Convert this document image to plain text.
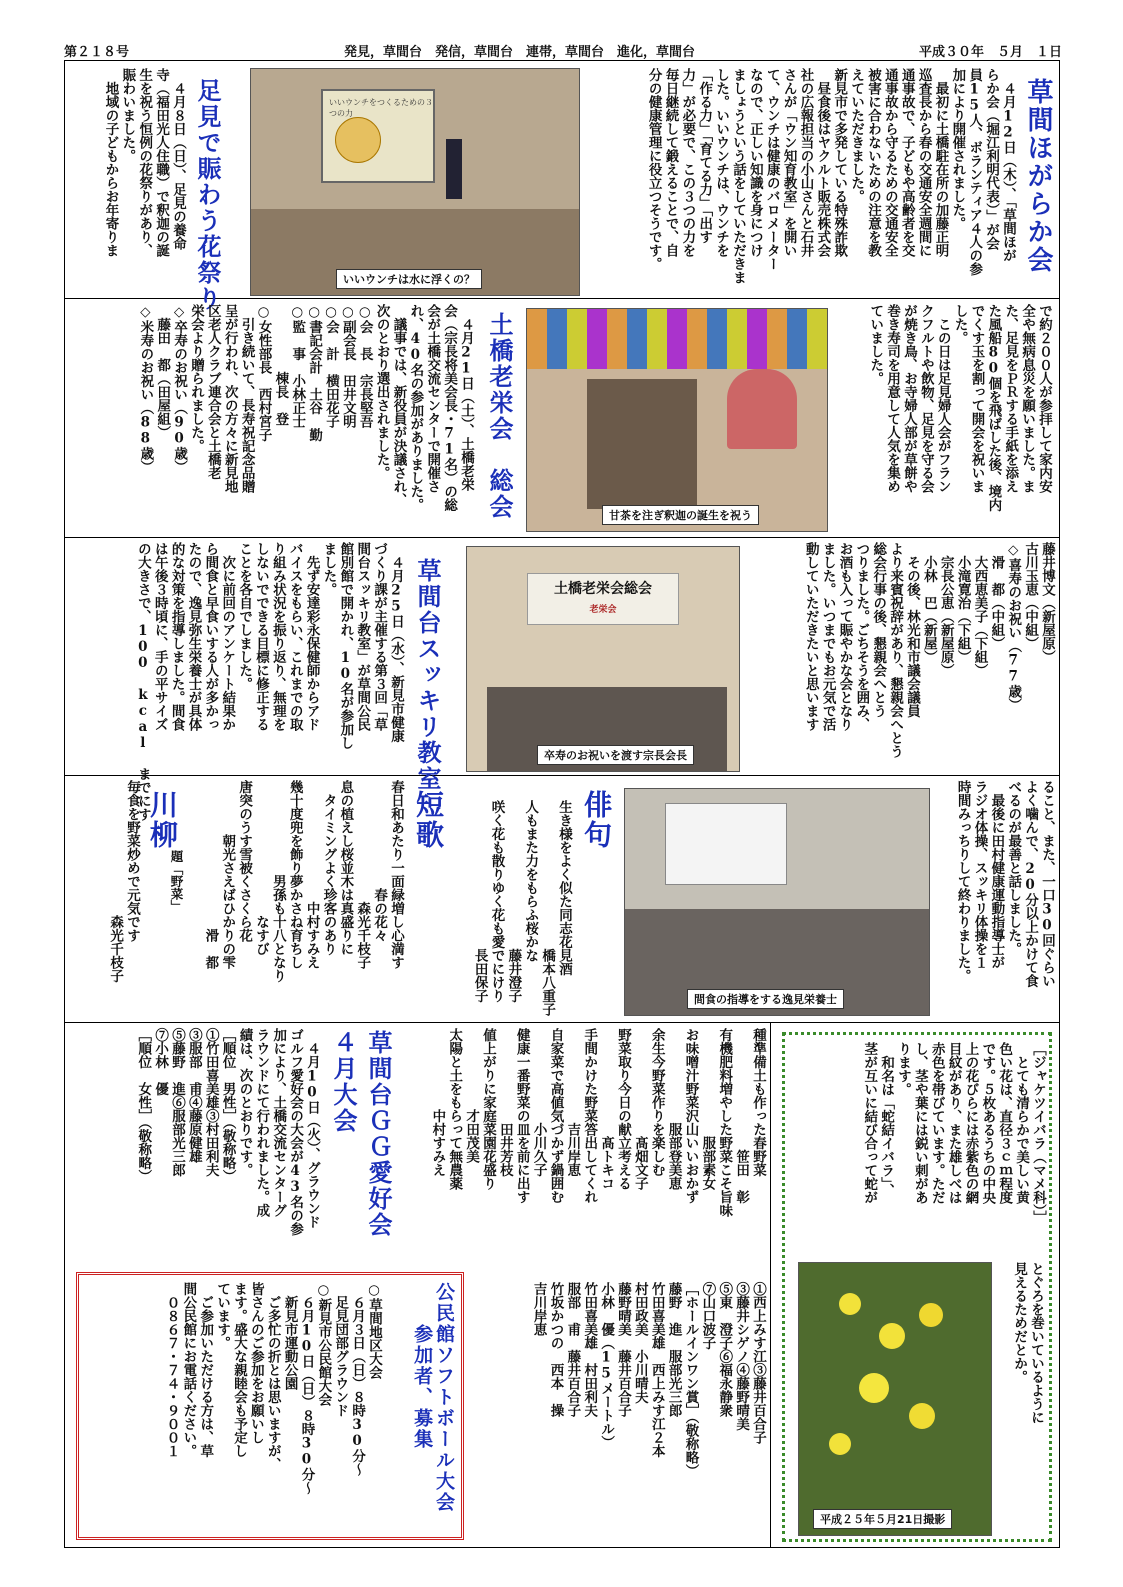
第２１８号	発見，草間台　発信，草間台　連帯，草間台　進化，草間台	平成３０年　５月　１日
草間ほがらか会
　４月12日（木）、「草間ほが
らか会（堀江利明代表）」が会
員15人、ボランティア４人の参
加により開催されました。
　最初に土橋駐在所の加藤正明
巡査長から春の交通安全週間に
通事故で、子どもや高齢者を交
通事故から守るための交通安全
被害に合わないための注意を教
えていただきました。
新見市で多発している特殊詐欺
　昼食後はヤクルト販売株式会
社の広報担当の小山さんと石井
さんが「ウン知育教室」を開い
て、ウンチは健康のバロメーター
なので、正しい知識を身につけ
ましょうという話をしていただきま
した。いいウンチは、ウンチを
「作る力」「育てる力」「出す
力」が必要で、この３つの力を
毎日継続して鍛えることで、自
分の健康管理に役立つそうです。
いいウンチをつくるための３つの力
いいウンチは水に浮くの？
足見で賑わう花祭り
　４月８日（日）、足見の養命
寺（福田光人住職）で釈迦の誕
生を祝う恒例の花祭りがあり、
賑わいました。
　地域の子どもからお年寄りま
で約２００人が参拝して家内安
全や無病息災を願いました。ま
た、足見をＰＲする手紙を添え
た風船80個を飛ばした後、境内
でくす玉を割って開会を祝いま
した。
　この日は足見婦人会がフラン
クフルトや飲物、足見を守る会
が焼き鳥、お寺婦人部が草餅や
巻き寿司を用意して人気を集め
ていました。
甘茶を注ぎ釈迦の誕生を祝う
土橋老栄会　総会
　４月21日（土）、土橋老栄
会（宗長将美会長・71名）の総
会が土橋交流センターで開催さ
れ、40名の参加がありました。
　議事では、新役員が決議され、
次のとおり選出されました。
○会　長　宗長堅吾
○副会長　田井文明
○会　計　横田花子
○書記会計　土谷　勤
○監　事　小林正士
　　　　　棟長　登
○女性部長　西村宮子
　引き続いて、長寿祝記念品贈
呈が行われ、次の方々に新見地
区老人クラブ連合会と土橋老
栄会より贈られました。
◇卒寿のお祝い（90歳）
　藤田　都（田屋組）
◇米寿のお祝い（88歳）
藤井博文（新屋原）
古川玉恵（中組）
◇喜寿のお祝い（77歳）
　滑　都（中組）
　大西恵美子（下組）
　小滝寛治（下組）
　宗長公恵（新屋原）
　小林　巴（新屋）
　その後、林光和市議会議員
より来賓祝辞があり、懇親会へとう
総会行事の後、懇親会へとう
つりました。ごちそうを囲み、
お酒も入って賑やかな会となり
ました。いつまでもお元気で活
動していただきたいと思います
土橋老栄会総会
老栄会
卒寿のお祝いを渡す宗長会長
草間台スッキリ教室
　４月25日（水）、新見市健康
づくり課が主催する第３回「草
間台スッキリ教室」が草間公民
館別館で開かれ、10名が参加し
ました。
　先ず安達彩永保健師からアド
バイスをもらい、これまでの取
り組み状況を振り返り、無理を
しないでできる目標に修正する
ことを各自でしました。
　次に前回のアンケート結果か
ら間食と早食いする人が多かっ
たので、逸見弥生栄養士が具体
的な対策を指導しました。間食
は午後３時頃に、手の平サイズ
の大きさで、100 kcal までにす	ること、また、一口30回ぐらい
よく噛んで、20分以上かけて食
べるのが最善と話しました。
　最後に田村健康運動指導士が
ラジオ体操、スッキリ体操を１
時間みっちりして終わりました。
間食の指導をする逸見栄養士
俳句
生き様をよく似た同志花見酒
　　　　　　　　　　　橋本八重子
人もまた力をもらふ桜かな
　　　　　　　　　　　藤井澄子
咲く花も散りゆく花も愛でにけり
　　　　　　　　　　　長田保子
短歌
春日和あたり一面緑増し心満す
　　　　　　　　春の花々
　　　　　　　　　森光千枝子
息の植えし桜並木は真盛りに
　タイミングよく珍客のあり
　　　　　　　　　中村すみえ
幾十度兜を飾り夢かさね育ちし
　　　　　　　男孫も十八となり
　　　　　　　　　　なすび
唐突のうす雪被くさくら花
　　　　朝光さえばひかりの雫
　　　　　　　　　　　滑　都
川柳
題「野菜」
毎食を野菜炒めで元気です
　　　　　　　　　　森光千枝子
［ジャケツイバラ（マメ科）］
　とても清らかで美しい黄
色い花は、直径３ｃｍ程度
です。５枚あるうちの中央
上の花びらには赤紫色の網
目紋があり、また雄しべは
赤色を帯びています。ただ
し、茎や葉には鋭い刺があ
ります。
　和名は「蛇結イバラ」、
茎が互いに結び合って蛇が
とぐろを巻いているように
見えるためだとか。
平成２５年５月21日撮影
種準備土も作った春野菜
　　　　　　　　　笹田　彰
有機肥料増やした野菜こそ旨味
　　　　　　　　服部素女
お味噌汁野菜沢山いいおかず
　　　　　　　服部登美恵
余生今野菜作りを楽しむ
　　　　　　　　髙畑文子
野菜取り今日の献立考える
　　　　　　　　髙トキコ
手間かけた野菜答出してくれ
　　　　　　　吉川岸恵
自家菜で高値気づかず鍋囲む
　　　　　　　小川久子
健康一番野菜の皿を前に出す
　　　　　　　田井芳枝
値上がりに家庭菜園花盛り
　　　　　　才田茂美
太陽と土をもらって無農薬
　　　　　　中村すみえ
草間台ＧＧ愛好会　４月大会
　４月10日（火）、グラウンド
ゴルフ愛好会の大会が43名の参
加により、土橋交流センターグ
ラウンドにて行われました。成
績は、次のとおりです。
［順位　男性］（敬称略）
①竹田喜美雄③村田利夫
③服部　甫④藤原健雄
⑤藤野　進⑥服部光三郎
⑦小林　優
［順位　女性］（敬称略）
①西上みす江③藤井百合子
③藤井シゲノ④藤野晴美
⑤東　澄子⑥福永静衆
⑦山口波子
［ホールインワン賞］（敬称略）
藤野　進　服部光三郎
竹田喜美雄　西上みす江２本
村田政美　小川晴夫
藤野晴美　藤井百合子
小林　優（15メートル）
竹田喜美雄　村田利夫
服部　甫　藤井百合子
竹坂かつの　西本　操
吉川岸恵
公民館ソフトボール大会
　　参加者、募集
○草間地区大会
　６月３日（日）８時30分～
　足見団部グラウンド
○新見市公民館大会
　６月10日（日）８時30分～
　新見市運動公園
　ご多忙の折とは思いますが、
皆さんのご参加をお願いし
ます。盛大な親睦会も予定し
ています。
　ご参加いただける方は、草
間公民館にお電話ください。
　０８６７・７４・９００１
